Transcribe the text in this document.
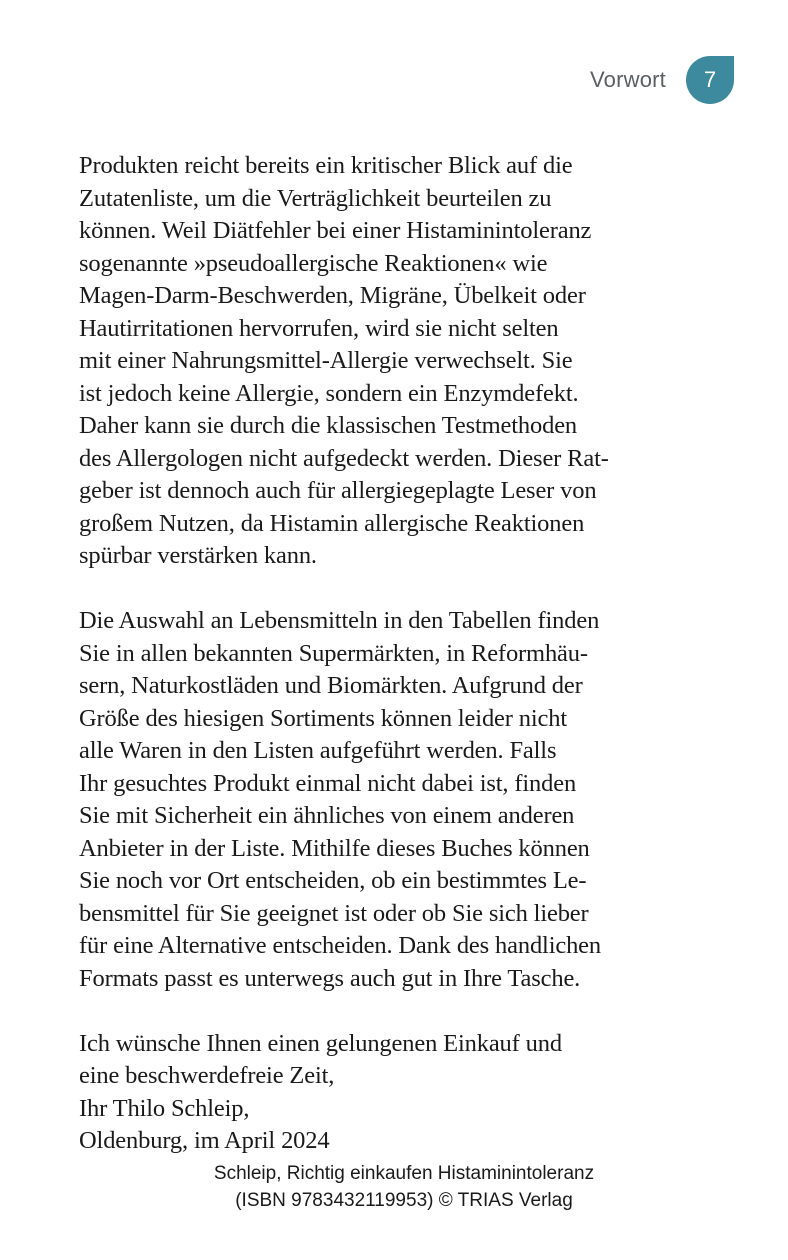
Vorwort 7

Produkten reicht bereits ein kritischer Blick auf die
Zutatenliste, um die Verträglichkeit beurteilen zu
können. Weil Diätfehler bei einer Histaminintoleranz
sogenannte »pseudoallergische Reaktionen« wie
Magen-Darm-Beschwerden, Migräne, Übelkeit oder
Hautirritationen hervorrufen, wird sie nicht selten
mit einer Nahrungsmittel-Allergie verwechselt. Sie
ist jedoch keine Allergie, sondern ein Enzymdefekt.
Daher kann sie durch die klassischen Testmethoden
des Allergologen nicht aufgedeckt werden. Dieser Rat-
geber ist dennoch auch für allergiegeplagte Leser von
großem Nutzen, da Histamin allergische Reaktionen
spürbar verstärken kann.

Die Auswahl an Lebensmitteln in den Tabellen finden
Sie in allen bekannten Supermärkten, in Reformhäu-
sern, Naturkostläden und Biomärkten. Aufgrund der
Größe des hiesigen Sortiments können leider nicht
alle Waren in den Listen aufgeführt werden. Falls
Ihr gesuchtes Produkt einmal nicht dabei ist, finden
Sie mit Sicherheit ein ähnliches von einem anderen
Anbieter in der Liste. Mithilfe dieses Buches können
Sie noch vor Ort entscheiden, ob ein bestimmtes Le-
bensmittel für Sie geeignet ist oder ob Sie sich lieber
für eine Alternative entscheiden. Dank des handlichen
Formats passt es unterwegs auch gut in Ihre Tasche.

Ich wünsche Ihnen einen gelungenen Einkauf und
eine beschwerdefreie Zeit,
Ihr Thilo Schleip,
Oldenburg, im April 2024

Schleip, Richtig einkaufen Histaminintoleranz
(ISBN 9783432119953) © TRIAS Verlag
